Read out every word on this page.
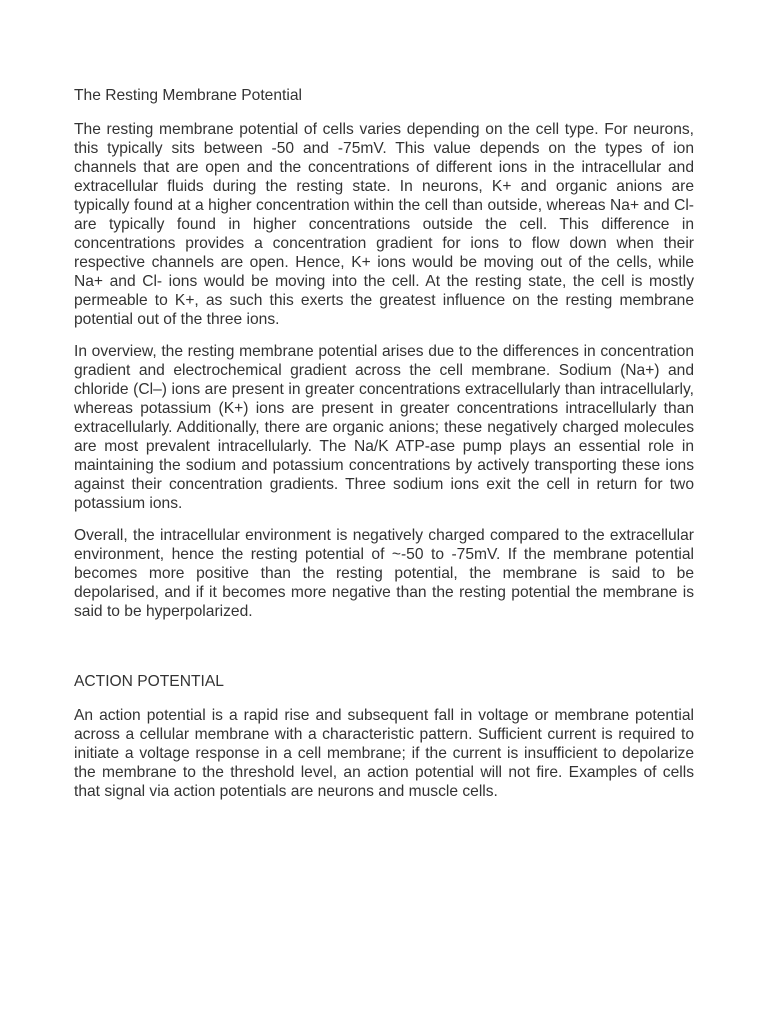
The Resting Membrane Potential

The resting membrane potential of cells varies depending on the cell type. For neurons, this typically sits between -50 and -75mV. This value depends on the types of ion channels that are open and the concentrations of different ions in the intracellular and extracellular fluids during the resting state. In neurons, K+ and organic anions are typically found at a higher concentration within the cell than outside, whereas Na+ and Cl- are typically found in higher concentrations outside the cell. This difference in concentrations provides a concentration gradient for ions to flow down when their respective channels are open. Hence, K+ ions would be moving out of the cells, while  Na+ and Cl- ions would be moving into the cell. At the resting state, the cell is mostly permeable to K+, as such this exerts the greatest influence on the resting membrane potential out of the three ions.

In overview, the resting membrane potential arises due to the differences in concentration gradient and electrochemical gradient across the cell membrane. Sodium (Na+) and chloride (Cl–) ions are present in greater concentrations extracellularly than intracellularly, whereas potassium (K+) ions are present in greater concentrations intracellularly than extracellularly. Additionally, there are organic anions; these negatively charged molecules are most prevalent intracellularly. The Na/K ATP-ase pump plays an essential role in maintaining the sodium and potassium concentrations by actively transporting these ions against their concentration gradients. Three sodium ions exit the cell in return for two potassium ions.

Overall, the intracellular environment is negatively charged compared to the extracellular environment, hence the resting potential of ~-50 to -75mV. If the membrane potential becomes more positive than the resting potential, the membrane is said to be depolarised, and if it becomes more negative than the resting potential the membrane is said to be hyperpolarized.

ACTION POTENTIAL

An action potential is a rapid rise and subsequent fall in voltage or membrane potential across a cellular membrane with a characteristic pattern. Sufficient current is required to initiate a voltage response in a cell membrane; if the current is insufficient to depolarize the membrane to the threshold level, an action potential will not fire. Examples of cells that signal via action potentials are neurons and muscle cells.
